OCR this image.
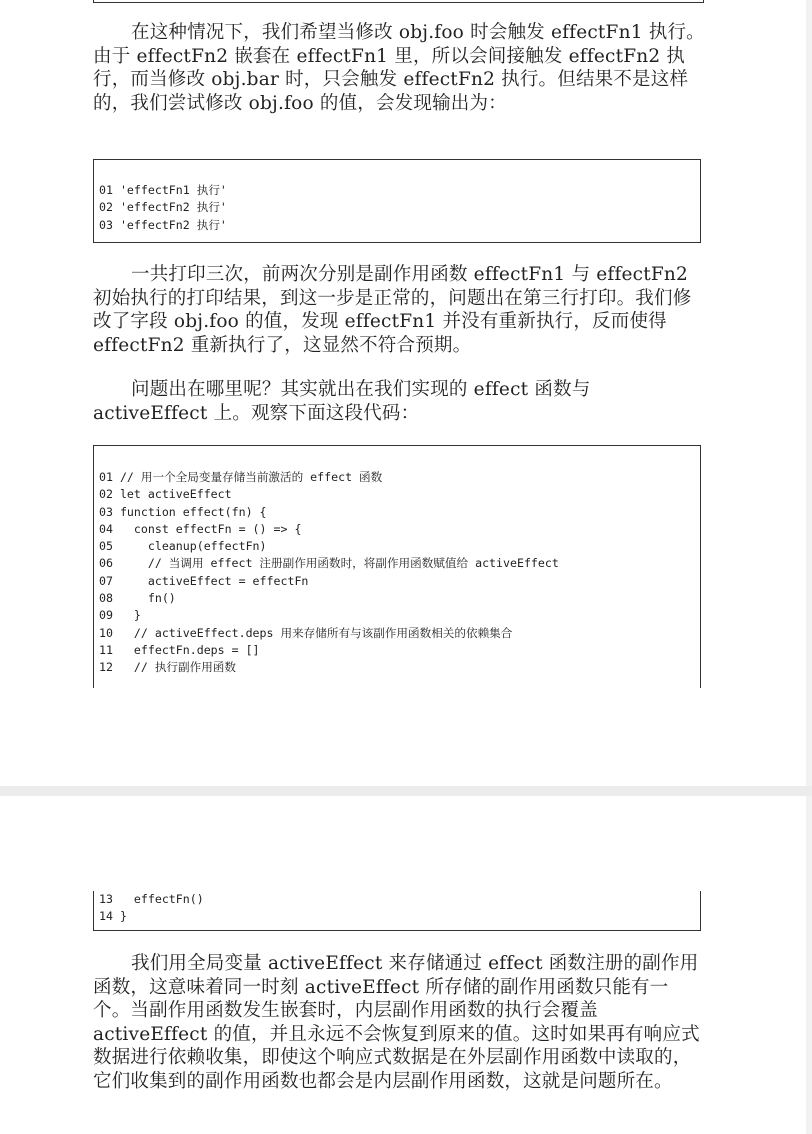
在这种情况下，我们希望当修改 obj.foo 时会触发 effectFn1 执行。由于 effectFn2 嵌套在 effectFn1 里，所以会间接触发 effectFn2 执行，而当修改 obj.bar 时，只会触发 effectFn2 执行。但结果不是这样的，我们尝试修改 obj.foo 的值，会发现输出为：

01 'effectFn1 执行'
02 'effectFn2 执行'
03 'effectFn2 执行'

一共打印三次，前两次分别是副作用函数 effectFn1 与 effectFn2 初始执行的打印结果，到这一步是正常的，问题出在第三行打印。我们修改了字段 obj.foo 的值，发现 effectFn1 并没有重新执行，反而使得 effectFn2 重新执行了，这显然不符合预期。

问题出在哪里呢？其实就出在我们实现的 effect 函数与 activeEffect 上。观察下面这段代码：

01 // 用一个全局变量存储当前激活的 effect 函数
02 let activeEffect
03 function effect(fn) {
04   const effectFn = () => {
05     cleanup(effectFn)
06     // 当调用 effect 注册副作用函数时，将副作用函数赋值给 activeEffect
07     activeEffect = effectFn
08     fn()
09   }
10   // activeEffect.deps 用来存储所有与该副作用函数相关的依赖集合
11   effectFn.deps = []
12   // 执行副作用函数
13   effectFn()
14 }

我们用全局变量 activeEffect 来存储通过 effect 函数注册的副作用函数，这意味着同一时刻 activeEffect 所存储的副作用函数只能有一个。当副作用函数发生嵌套时，内层副作用函数的执行会覆盖 activeEffect 的值，并且永远不会恢复到原来的值。这时如果再有响应式数据进行依赖收集，即使这个响应式数据是在外层副作用函数中读取的，它们收集到的副作用函数也都会是内层副作用函数，这就是问题所在。
